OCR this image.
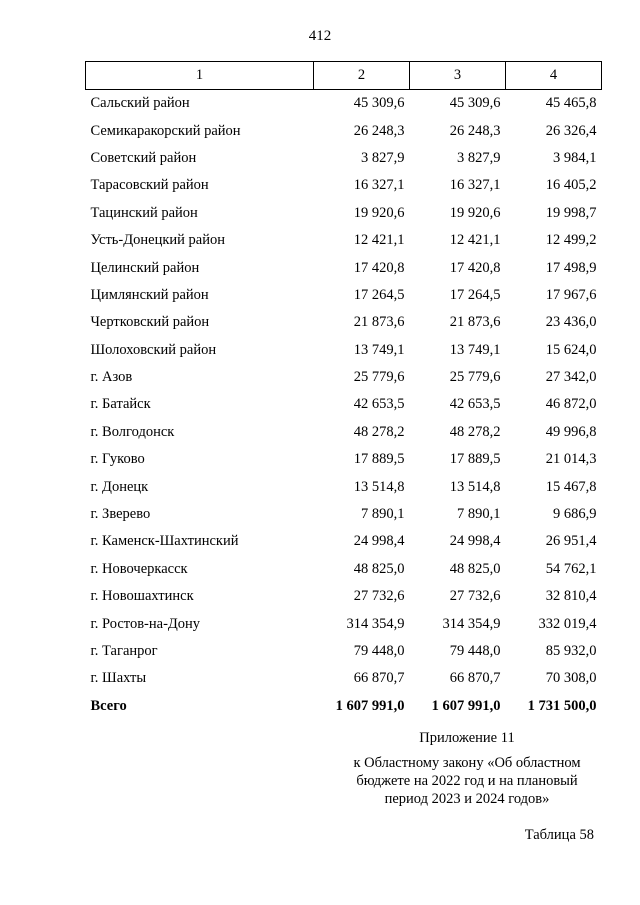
412
1	2	3	4
Сальский район	45 309,6	45 309,6	45 465,8
Семикаракорский район	26 248,3	26 248,3	26 326,4
Советский район	3 827,9	3 827,9	3 984,1
Тарасовский район	16 327,1	16 327,1	16 405,2
Тацинский район	19 920,6	19 920,6	19 998,7
Усть-Донецкий район	12 421,1	12 421,1	12 499,2
Целинский район	17 420,8	17 420,8	17 498,9
Цимлянский район	17 264,5	17 264,5	17 967,6
Чертковский район	21 873,6	21 873,6	23 436,0
Шолоховский район	13 749,1	13 749,1	15 624,0
г. Азов	25 779,6	25 779,6	27 342,0
г. Батайск	42 653,5	42 653,5	46 872,0
г. Волгодонск	48 278,2	48 278,2	49 996,8
г. Гуково	17 889,5	17 889,5	21 014,3
г. Донецк	13 514,8	13 514,8	15 467,8
г. Зверево	7 890,1	7 890,1	9 686,9
г. Каменск-Шахтинский	24 998,4	24 998,4	26 951,4
г. Новочеркасск	48 825,0	48 825,0	54 762,1
г. Новошахтинск	27 732,6	27 732,6	32 810,4
г. Ростов-на-Дону	314 354,9	314 354,9	332 019,4
г. Таганрог	79 448,0	79 448,0	85 932,0
г. Шахты	66 870,7	66 870,7	70 308,0
Всего	1 607 991,0	1 607 991,0	1 731 500,0
Приложение 11
к Областному закону «Об областном
бюджете на 2022 год и на плановый
период 2023 и 2024 годов»
Таблица 58
